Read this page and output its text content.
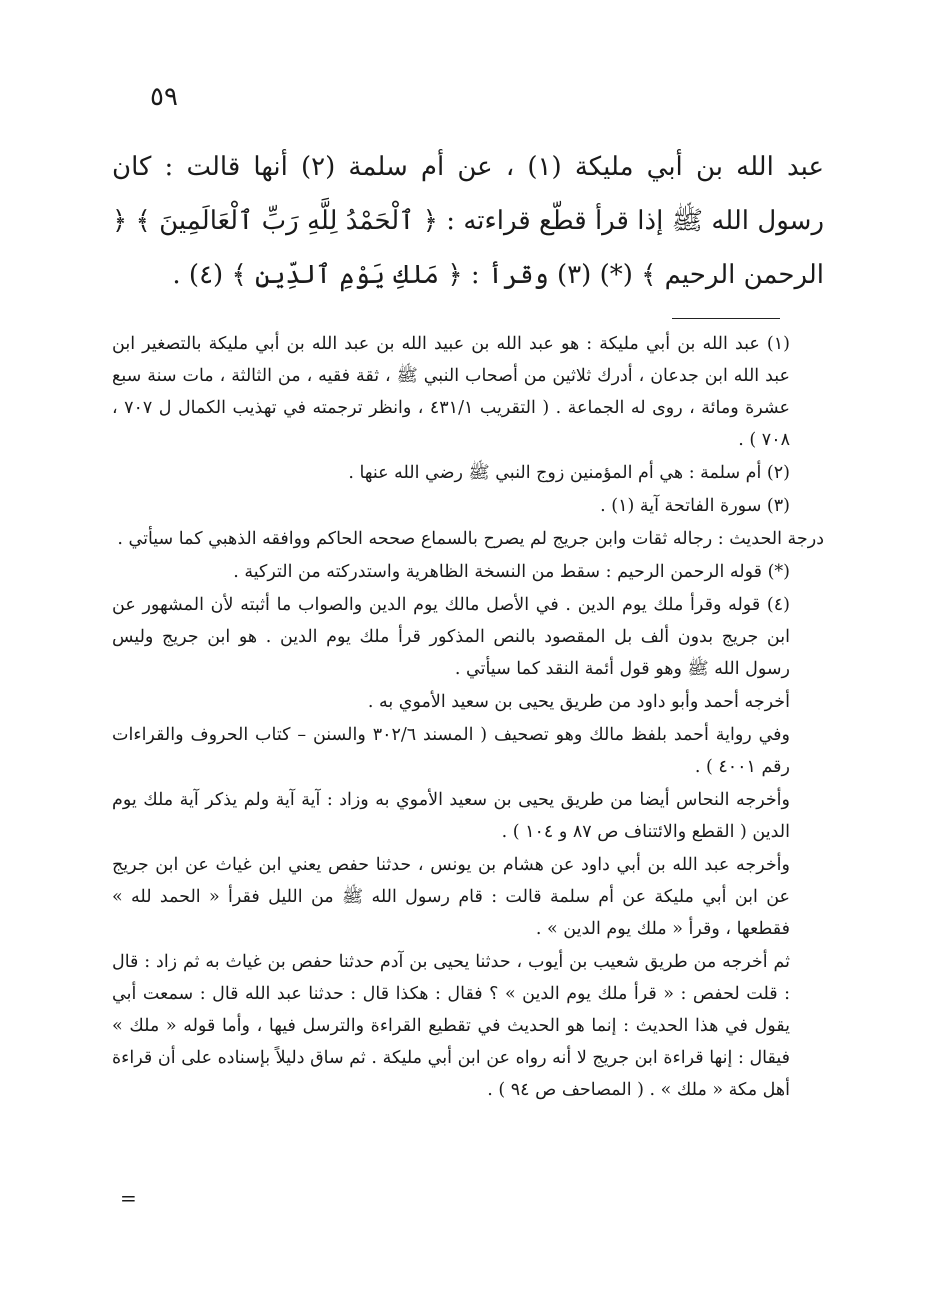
٥٩

عبد الله بن أبي مليكة (١) ، عن أم سلمة (٢) أنها قالت : كان رسول الله ﷺ إذا قرأ قطّع قراءته : ﴿ ٱلْحَمْدُ لِلَّهِ رَبِّ ٱلْعَالَمِينَ ﴾ ﴿ الرحمن الرحيم ﴾ (*) (٣) وقرأ : ﴿ مَلكِ يَوْمِ ٱلدِّينِ ﴾ (٤) .

(١) عبد الله بن أبي مليكة : هو عبد الله بن عبيد الله بن عبد الله بن أبي مليكة بالتصغير ابن عبد الله ابن جدعان ، أدرك ثلاثين من أصحاب النبي ﷺ ، ثقة فقيه ، من الثالثة ، مات سنة سبع عشرة ومائة ، روى له الجماعة . ( التقريب ٤٣١/١ ، وانظر ترجمته في تهذيب الكمال ل ٧٠٧ ، ٧٠٨ ) .

(٢) أم سلمة : هي أم المؤمنين زوج النبي ﷺ رضي الله عنها .

(٣) سورة الفاتحة آية (١) .

درجة الحديث : رجاله ثقات وابن جريج لم يصرح بالسماع صححه الحاكم ووافقه الذهبي كما سيأتي .

(*) قوله الرحمن الرحيم : سقط من النسخة الظاهرية واستدركته من التركية .

(٤) قوله وقرأ ملك يوم الدين . في الأصل مالك يوم الدين والصواب ما أثبته لأن المشهور عن ابن جريج بدون ألف بل المقصود بالنص المذكور قرأ ملك يوم الدين . هو ابن جريج وليس رسول الله ﷺ وهو قول أئمة النقد كما سيأتي .

أخرجه أحمد وأبو داود من طريق يحيى بن سعيد الأموي به .

وفي رواية أحمد بلفظ مالك وهو تصحيف ( المسند ٣٠٢/٦ والسنن – كتاب الحروف والقراءات رقم ٤٠٠١ ) .

وأخرجه النحاس أيضا من طريق يحيى بن سعيد الأموي به وزاد : آية آية ولم يذكر آية ملك يوم الدين ( القطع والائتناف ص ٨٧ و ١٠٤ ) .

وأخرجه عبد الله بن أبي داود عن هشام بن يونس ، حدثنا حفص يعني ابن غياث عن ابن جريج عن ابن أبي مليكة عن أم سلمة قالت : قام رسول الله ﷺ من الليل فقرأ « الحمد لله » فقطعها ، وقرأ « ملك يوم الدين » .

ثم أخرجه من طريق شعيب بن أيوب ، حدثنا يحيى بن آدم حدثنا حفص بن غياث به ثم زاد : قال : قلت لحفص : « قرأ ملك يوم الدين » ؟ فقال : هكذا قال : حدثنا عبد الله قال : سمعت أبي يقول في هذا الحديث : إنما هو الحديث في تقطيع القراءة والترسل فيها ، وأما قوله « ملك » فيقال : إنها قراءة ابن جريج لا أنه رواه عن ابن أبي مليكة . ثم ساق دليلاً بإسناده على أن قراءة أهل مكة « ملك » . ( المصاحف ص ٩٤ ) .

=
